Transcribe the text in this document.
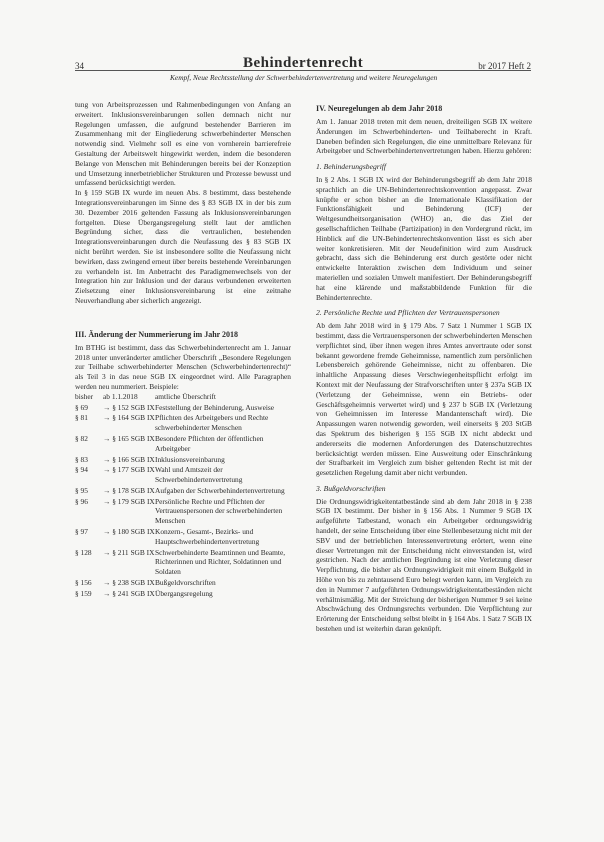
34	Behindertenrecht	br 2017 Heft 2
Kempf, Neue Rechtsstellung der Schwerbehindertenvertretung und weitere Neuregelungen

tung von Arbeitsprozessen und Rahmenbedingungen von Anfang an erweitert. Inklusionsvereinbarungen sollen demnach nicht nur Regelungen umfassen, die aufgrund bestehender Barrieren im Zusammenhang mit der Eingliederung schwerbehinderter Menschen notwendig sind. Vielmehr soll es eine von vornherein barrierefreie Gestaltung der Arbeitswelt hingewirkt werden, indem die besonderen Belange von Menschen mit Behinderungen bereits bei der Konzeption und Umsetzung innerbetrieblicher Strukturen und Prozesse bewusst und umfassend berücksichtigt werden.

In § 159 SGB IX wurde im neuen Abs. 8 bestimmt, dass bestehende Integrationsvereinbarungen im Sinne des § 83 SGB IX in der bis zum 30. Dezember 2016 geltenden Fassung als Inklusionsvereinbarungen fortgelten. Diese Übergangsregelung stellt laut der amtlichen Begründung sicher, dass die vertraulichen, bestehenden Integrationsvereinbarungen durch die Neufassung des § 83 SGB IX nicht berührt werden. Sie ist insbesondere sollte die Neufassung nicht bewirken, dass zwingend erneut über bereits bestehende Vereinbarungen zu verhandeln ist. Im Anbetracht des Paradigmenwechsels von der Integration hin zur Inklusion und der daraus verbundenen erweiterten Zielsetzung einer Inklusionsvereinbarung ist eine zeitnahe Neuverhandlung aber sicherlich angezeigt.

III. Änderung der Nummerierung im Jahr 2018

Im BTHG ist bestimmt, dass das Schwerbehindertenrecht am 1. Januar 2018 unter unveränderter amtlicher Überschrift „Besondere Regelungen zur Teilhabe schwerbehinderter Menschen (Schwerbehindertenrecht)“ als Teil 3 in das neue SGB IX eingeordnet wird. Alle Paragraphen werden neu nummeriert. Beispiele:

bisher	ab 1.1.2018	amtliche Überschrift
§ 69	→ § 152 SGB IX Feststellung der Behinderung, Ausweise
§ 81	→ § 164 SGB IX Pflichten des Arbeitgebers und Rechte schwerbehinderter Menschen
§ 82	→ § 165 SGB IX Besondere Pflichten der öffentlichen Arbeitgeber
§ 83	→ § 166 SGB IX Inklusionsvereinbarung
§ 94	→ § 177 SGB IX Wahl und Amtszeit der Schwerbehindertenvertretung
§ 95	→ § 178 SGB IX Aufgaben der Schwerbehindertenvertretung
§ 96	→ § 179 SGB IX Persönliche Rechte und Pflichten der Vertrauenspersonen der schwerbehinderten Menschen
§ 97	→ § 180 SGB IX Konzern-, Gesamt-, Bezirks- und Hauptschwerbehindertenvertretung
§ 128	→ § 211 SGB IX Schwerbehinderte Beamtinnen und Beamte, Richterinnen und Richter, Soldatinnen und Soldaten
§ 156	→ § 238 SGB IX Bußgeldvorschriften
§ 159	→ § 241 SGB IX Übergangsregelung
IV. Neuregelungen ab dem Jahr 2018

Am 1. Januar 2018 treten mit dem neuen, dreiteiligen SGB IX weitere Änderungen im Schwerbehinderten- und Teilhaberecht in Kraft. Daneben befinden sich Regelungen, die eine unmittelbare Relevanz für Arbeitgeber und Schwerbehindertenvertretungen haben. Hierzu gehören:

1. Behinderungsbegriff

In § 2 Abs. 1 SGB IX wird der Behinderungsbegriff ab dem Jahr 2018 sprachlich an die UN-Behindertenrechtskonvention angepasst. Zwar knüpfte er schon bisher an die Internationale Klassifikation der Funktionsfähigkeit und Behinderung (ICF) der Weltgesundheitsorganisation (WHO) an, die das Ziel der gesellschaftlichen Teilhabe (Partizipation) in den Vordergrund rückt, im Hinblick auf die UN-Behindertenrechtskonvention lässt es sich aber weiter konkretisieren. Mit der Neudefinition wird zum Ausdruck gebracht, dass sich die Behinderung erst durch gestörte oder nicht entwickelte Interaktion zwischen dem Individuum und seiner materiellen und sozialen Umwelt manifestiert. Der Behinderungsbegriff hat eine klärende und maßstabbildende Funktion für die Behindertenrechte.

2. Persönliche Rechte und Pflichten der Vertrauenspersonen

Ab dem Jahr 2018 wird in § 179 Abs. 7 Satz 1 Nummer 1 SGB IX bestimmt, dass die Vertrauenspersonen der schwerbehinderten Menschen verpflichtet sind, über ihnen wegen ihres Amtes anvertraute oder sonst bekannt gewordene fremde Geheimnisse, namentlich zum persönlichen Lebensbereich gehörende Geheimnisse, nicht zu offenbaren. Die inhaltliche Anpassung dieses Verschwiegenheitspflicht erfolgt im Kontext mit der Neufassung der Strafvorschriften unter § 237a SGB IX (Verletzung der Geheimnisse, wenn ein Betriebs- oder Geschäftsgeheimnis verwertet wird) und § 237 b SGB IX (Verletzung von Geheimnissen im Interesse Mandantenschaft wird). Die Anpassungen waren notwendig geworden, weil einerseits § 203 StGB das Spektrum des bisherigen § 155 SGB IX nicht abdeckt und andererseits die modernen Anforderungen des Datenschutzrechtes berücksichtigt werden müssen. Eine Ausweitung oder Einschränkung der Strafbarkeit im Vergleich zum bisher geltenden Recht ist mit der gesetzlichen Regelung damit aber nicht verbunden.

3. Bußgeldvorschriften

Die Ordnungswidrigkeitentatbestände sind ab dem Jahr 2018 in § 238 SGB IX bestimmt. Der bisher in § 156 Abs. 1 Nummer 9 SGB IX aufgeführte Tatbestand, wonach ein Arbeitgeber ordnungswidrig handelt, der seine Entscheidung über eine Stellenbesetzung nicht mit der SBV und der betrieblichen Interessenvertretung erörtert, wenn eine dieser Vertretungen mit der Entscheidung nicht einverstanden ist, wird gestrichen. Nach der amtlichen Begründung ist eine Verletzung dieser Verpflichtung, die bisher als Ordnungswidrigkeit mit einem Bußgeld in Höhe von bis zu zehntausend Euro belegt werden kann, im Vergleich zu den in Nummer 7 aufgeführten Ordnungswidrigkeitentatbeständen nicht verhältnismäßig. Mit der Streichung der bisherigen Nummer 9 sei keine Abschwächung des Ordnungsrechts verbunden. Die Verpflichtung zur Erörterung der Entscheidung selbst bleibt in § 164 Abs. 1 Satz 7 SGB IX bestehen und ist weiterhin daran geknüpft.
